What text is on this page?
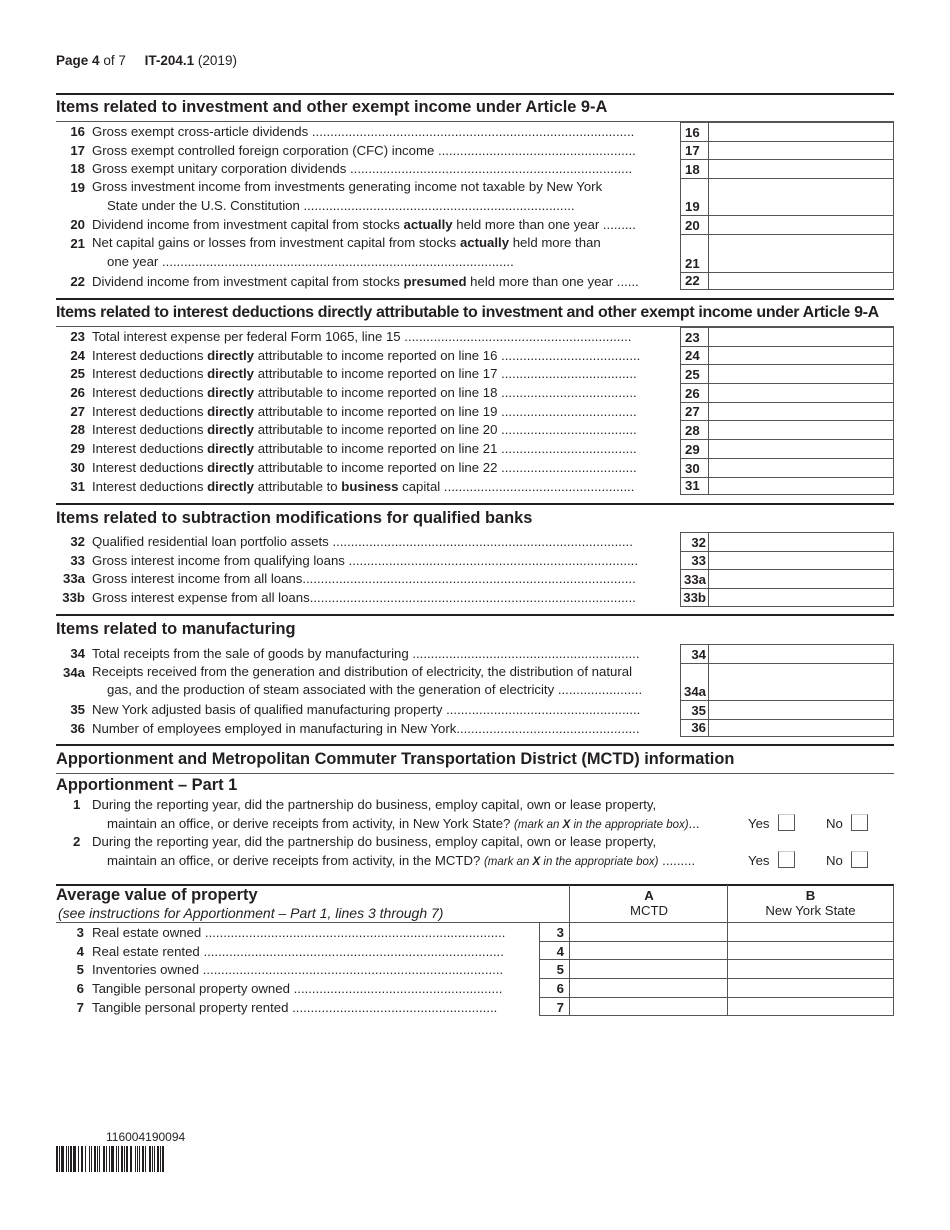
Page 4 of 7 IT-204.1 (2019)
Items related to investment and other exempt income under Article 9-A
16 Gross exempt cross-article dividends ........................................................................................	16
17 Gross exempt controlled foreign corporation (CFC) income ......................................................	17
18 Gross exempt unitary corporation dividends .............................................................................	18
19 Gross investment income from investments generating income not taxable by New York
State under the U.S. Constitution ..........................................................................	19
20 Dividend income from investment capital from stocks actually held more than one year .........	20
21 Net capital gains or losses from investment capital from stocks actually held more than
one year ................................................................................................	21
22 Dividend income from investment capital from stocks presumed held more than one year ......	22
Items related to interest deductions directly attributable to investment and other exempt income under Article 9-A
23 Total interest expense per federal Form 1065, line 15 ..............................................................	23
24 Interest deductions directly attributable to income reported on line 16 ......................................	24
25 Interest deductions directly attributable to income reported on line 17 .....................................	25
26 Interest deductions directly attributable to income reported on line 18 .....................................	26
27 Interest deductions directly attributable to income reported on line 19 .....................................	27
28 Interest deductions directly attributable to income reported on line 20 .....................................	28
29 Interest deductions directly attributable to income reported on line 21 .....................................	29
30 Interest deductions directly attributable to income reported on line 22 .....................................	30
31 Interest deductions directly attributable to business capital ....................................................	31
Items related to subtraction modifications for qualified banks
32 Qualified residential loan portfolio assets ..................................................................................	32
33 Gross interest income from qualifying loans ...............................................................................	33
33a Gross interest income from all loans...........................................................................................	33a
33b Gross interest expense from all loans.........................................................................................	33b
Items related to manufacturing
34 Total receipts from the sale of goods by manufacturing ..............................................................	34
34a Receipts received from the generation and distribution of electricity, the distribution of natural
gas, and the production of steam associated with the generation of electricity .......................	34a
35 New York adjusted basis of qualified manufacturing property .....................................................	35
36 Number of employees employed in manufacturing in New York..................................................	36
Apportionment and Metropolitan Commuter Transportation District (MCTD) information
Apportionment – Part 1
1 During the reporting year, did the partnership do business, employ capital, own or lease property,
maintain an office, or derive receipts from activity, in New York State? (mark an X in the appropriate box)...	Yes	No
2 During the reporting year, did the partnership do business, employ capital, own or lease property,
maintain an office, or derive receipts from activity, in the MCTD? (mark an X in the appropriate box) .........	Yes	No
Average value of property
(see instructions for Apportionment – Part 1, lines 3 through 7)
A
MCTD
B
New York State
3 Real estate owned ..................................................................................	3
4 Real estate rented ..................................................................................	4
5 Inventories owned ..................................................................................	5
6 Tangible personal property owned .........................................................	6
7 Tangible personal property rented ........................................................	7
116004190094
